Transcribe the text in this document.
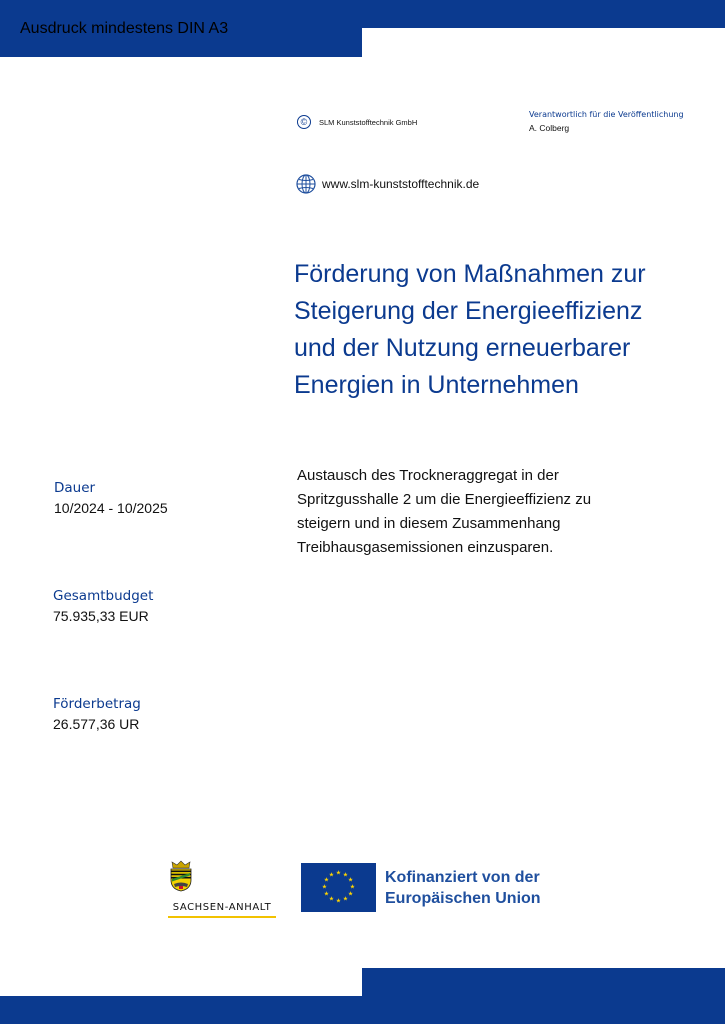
Ausdruck mindestens DIN A3
©	SLM Kunststofftechnik GmbH
Verantwortlich für die Veröffentlichung
A. Colberg
www.slm-kunststofftechnik.de
Förderung von Maßnahmen zur
Steigerung der Energieeffizienz
und der Nutzung erneuerbarer
Energien in Unternehmen

Austausch des Trockneraggregat in der
Spritzgusshalle 2 um die Energieeffizienz zu
steigern und in diesem Zusammenhang
Treibhausgasemissionen einzusparen.

Dauer
10/2024 - 10/2025
Gesamtbudget
75.935,33 EUR
Förderbetrag
26.577,36 UR
SACHSEN-ANHALT
★ ★
★
★
★
★
★
★
★
★
★
★	Kofinanziert von der
Europäischen Union
